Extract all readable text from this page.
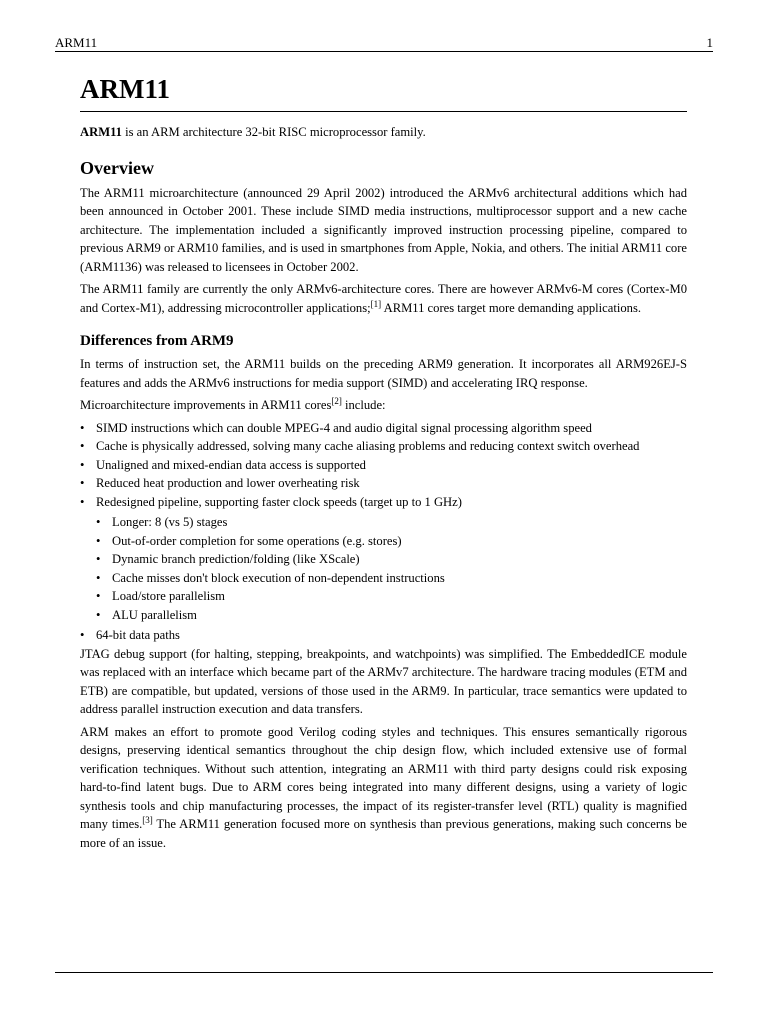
ARM11	1
ARM11

ARM11 is an ARM architecture 32-bit RISC microprocessor family.

Overview

The ARM11 microarchitecture (announced 29 April 2002) introduced the ARMv6 architectural additions which had been announced in October 2001. These include SIMD media instructions, multiprocessor support and a new cache architecture. The implementation included a significantly improved instruction processing pipeline, compared to previous ARM9 or ARM10 families, and is used in smartphones from Apple, Nokia, and others. The initial ARM11 core (ARM1136) was released to licensees in October 2002.

The ARM11 family are currently the only ARMv6-architecture cores. There are however ARMv6-M cores (Cortex-M0 and Cortex-M1), addressing microcontroller applications;[1] ARM11 cores target more demanding applications.

Differences from ARM9

In terms of instruction set, the ARM11 builds on the preceding ARM9 generation. It incorporates all ARM926EJ-S features and adds the ARMv6 instructions for media support (SIMD) and accelerating IRQ response.

Microarchitecture improvements in ARM11 cores[2] include:

• SIMD instructions which can double MPEG-4 and audio digital signal processing algorithm speed
• Cache is physically addressed, solving many cache aliasing problems and reducing context switch overhead
• Unaligned and mixed-endian data access is supported
• Reduced heat production and lower overheating risk
• Redesigned pipeline, supporting faster clock speeds (target up to 1 GHz)
• Longer: 8 (vs 5) stages
• Out-of-order completion for some operations (e.g. stores)
• Dynamic branch prediction/folding (like XScale)
• Cache misses don't block execution of non-dependent instructions
• Load/store parallelism
• ALU parallelism
• 64-bit data paths

JTAG debug support (for halting, stepping, breakpoints, and watchpoints) was simplified. The EmbeddedICE module was replaced with an interface which became part of the ARMv7 architecture. The hardware tracing modules (ETM and ETB) are compatible, but updated, versions of those used in the ARM9. In particular, trace semantics were updated to address parallel instruction execution and data transfers.

ARM makes an effort to promote good Verilog coding styles and techniques. This ensures semantically rigorous designs, preserving identical semantics throughout the chip design flow, which included extensive use of formal verification techniques. Without such attention, integrating an ARM11 with third party designs could risk exposing hard-to-find latent bugs. Due to ARM cores being integrated into many different designs, using a variety of logic synthesis tools and chip manufacturing processes, the impact of its register-transfer level (RTL) quality is magnified many times.[3] The ARM11 generation focused more on synthesis than previous generations, making such concerns be more of an issue.
